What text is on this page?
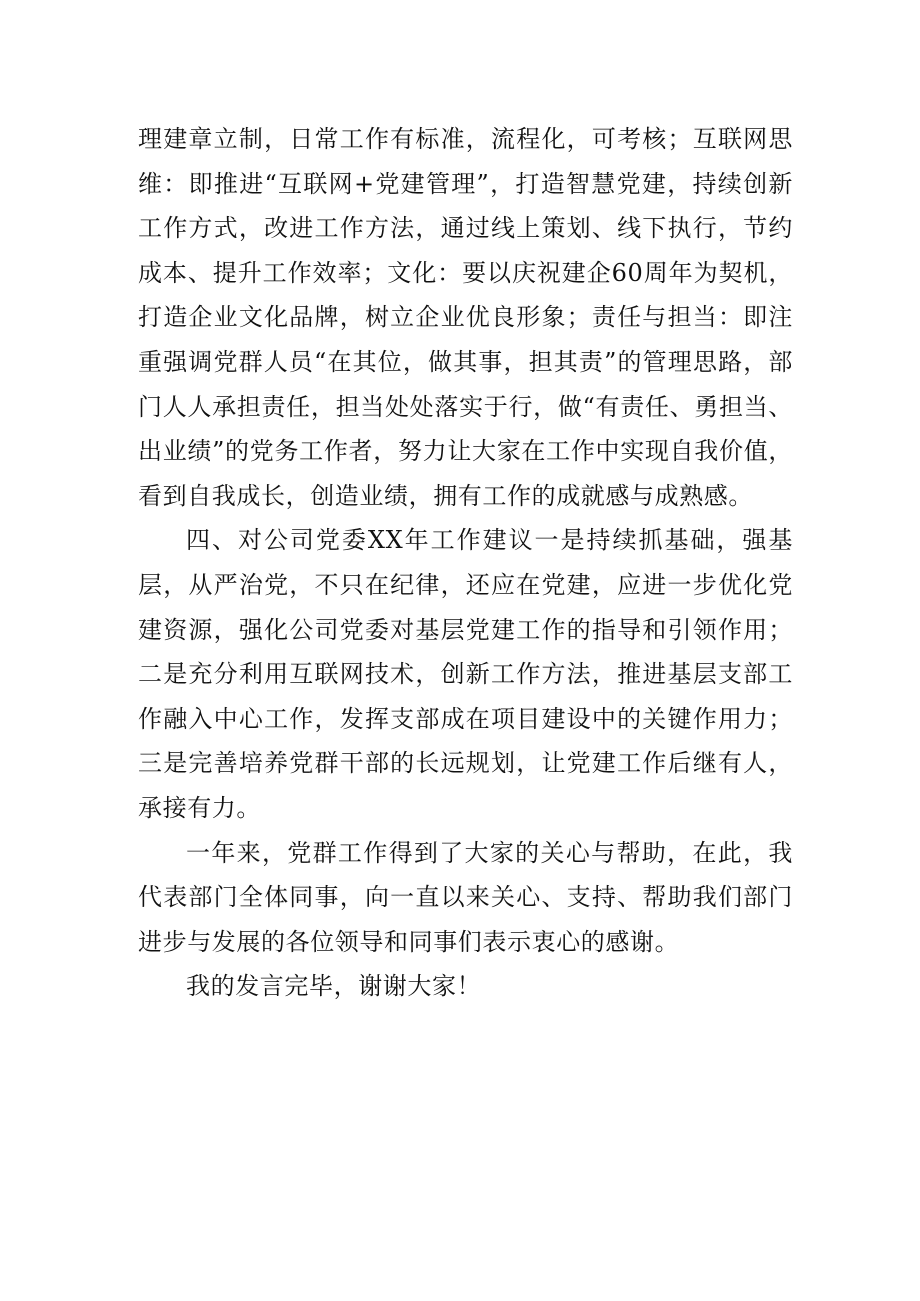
理建章立制，日常工作有标准，流程化，可考核；互联网思维：即推进“互联网+党建管理”，打造智慧党建，持续创新工作方式，改进工作方法，通过线上策划、线下执行，节约成本、提升工作效率；文化：要以庆祝建企60周年为契机，打造企业文化品牌，树立企业优良形象；责任与担当：即注重强调党群人员“在其位，做其事，担其责”的管理思路，部门人人承担责任，担当处处落实于行，做“有责任、勇担当、出业绩”的党务工作者，努力让大家在工作中实现自我价值，看到自我成长，创造业绩，拥有工作的成就感与成熟感。

四、对公司党委XX年工作建议一是持续抓基础，强基层，从严治党，不只在纪律，还应在党建，应进一步优化党建资源，强化公司党委对基层党建工作的指导和引领作用；二是充分利用互联网技术，创新工作方法，推进基层支部工作融入中心工作，发挥支部成在项目建设中的关键作用力；三是完善培养党群干部的长远规划，让党建工作后继有人，承接有力。

一年来，党群工作得到了大家的关心与帮助，在此，我代表部门全体同事，向一直以来关心、支持、帮助我们部门进步与发展的各位领导和同事们表示衷心的感谢。

我的发言完毕，谢谢大家！
